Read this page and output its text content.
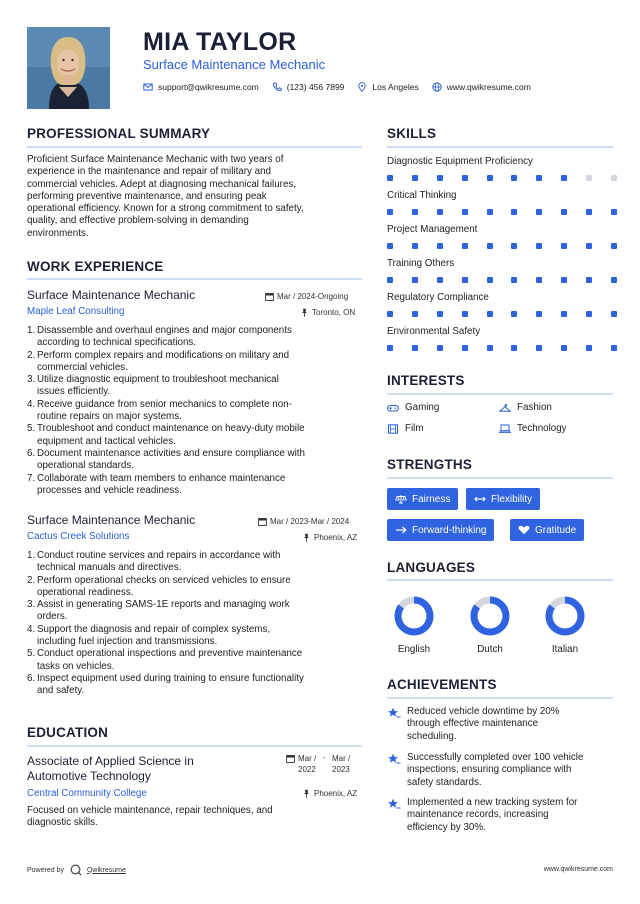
MIA TAYLOR
Surface Maintenance Mechanic
support@qwikresume.com	(123) 456 7899	Los Angeles	www.qwikresume.com
PROFESSIONAL SUMMARY
Proficient Surface Maintenance Mechanic with two years of
experience in the maintenance and repair of military and
commercial vehicles. Adept at diagnosing mechanical failures,
performing preventive maintenance, and ensuring peak
operational efficiency. Known for a strong commitment to safety,
quality, and effective problem-solving in demanding
environments.
WORK EXPERIENCE
Surface Maintenance Mechanic	Mar / 2024-Ongoing
Maple Leaf Consulting	Toronto, ON
1. Disassemble and overhaul engines and major components
according to technical specifications.
2. Perform complex repairs and modifications on military and
commercial vehicles.
3. Utilize diagnostic equipment to troubleshoot mechanical
issues efficiently.
4. Receive guidance from senior mechanics to complete non-
routine repairs on major systems.
5. Troubleshoot and conduct maintenance on heavy-duty mobile
equipment and tactical vehicles.
6. Document maintenance activities and ensure compliance with
operational standards.
7. Collaborate with team members to enhance maintenance
processes and vehicle readiness.
Surface Maintenance Mechanic	Mar / 2023-Mar / 2024
Cactus Creek Solutions	Phoenix, AZ
1. Conduct routine services and repairs in accordance with
technical manuals and directives.
2. Perform operational checks on serviced vehicles to ensure
operational readiness.
3. Assist in generating SAMS-1E reports and managing work
orders.
4. Support the diagnosis and repair of complex systems,
including fuel injection and transmissions.
5. Conduct operational inspections and preventive maintenance
tasks on vehicles.
6. Inspect equipment used during training to ensure functionality
and safety.
EDUCATION
Associate of Applied Science in
Automotive Technology
Mar /
2022
- Mar /
2023
Central Community College	Phoenix, AZ
Focused on vehicle maintenance, repair techniques, and
diagnostic skills.
SKILLS
Diagnostic Equipment Proficiency
Critical Thinking
Project Management
Training Others
Regulatory Compliance
Environmental Safety
INTERESTS
Gaming	Fashion
Film	Technology
STRENGTHS
Fairness	Flexibility
Forward-thinking	Gratitude
LANGUAGES
English	Dutch	Italian
ACHIEVEMENTS
Reduced vehicle downtime by 20%
through effective maintenance
scheduling.
Successfully completed over 100 vehicle
inspections, ensuring compliance with
safety standards.
Implemented a new tracking system for
maintenance records, increasing
efficiency by 30%.
Powered by	Qwikresume	www.qwikresume.com
